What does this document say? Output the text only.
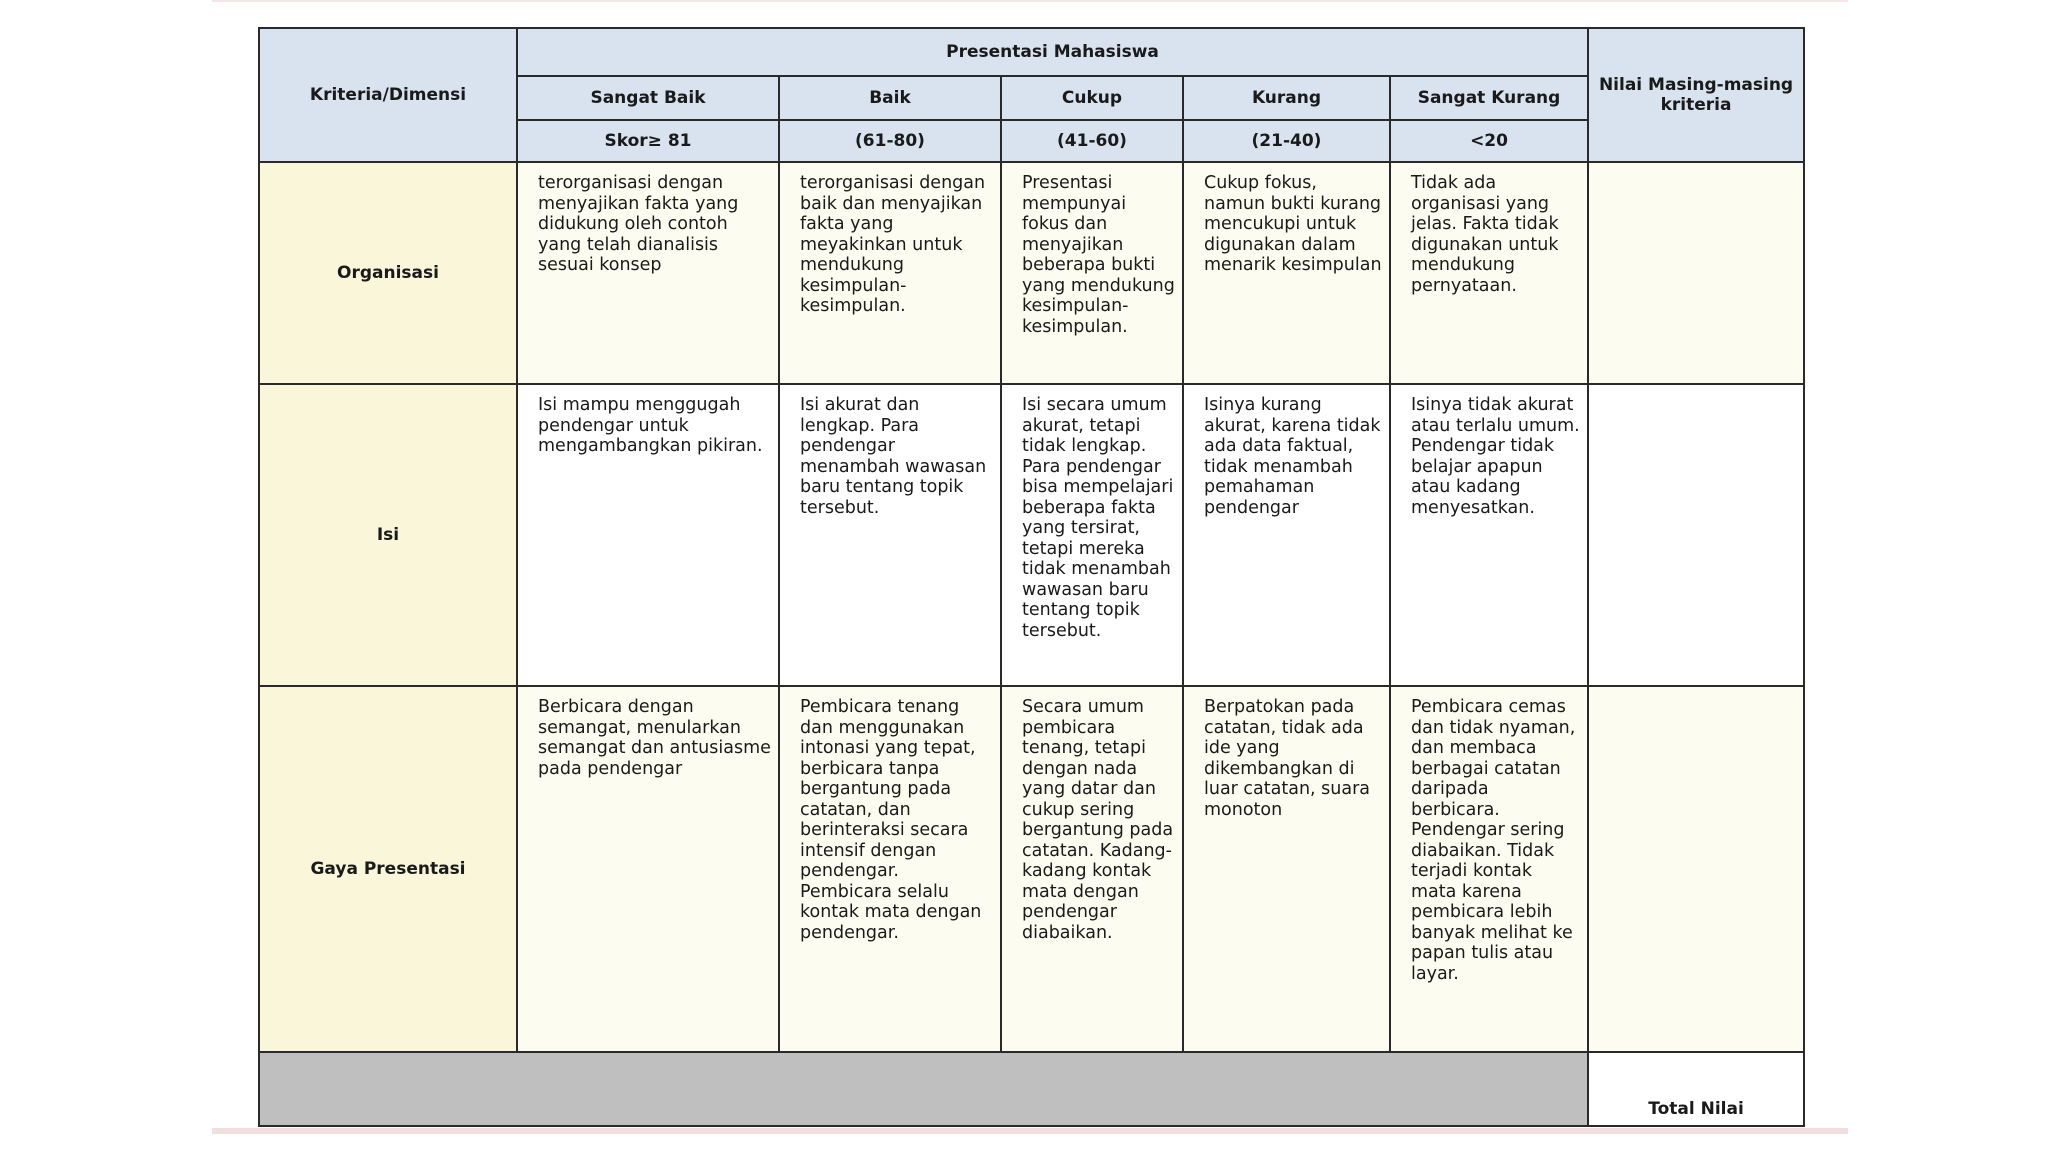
Kriteria/Dimensi	Presentasi Mahasiswa					Nilai Masing-masing kriteria
	Sangat Baik	Baik	Cukup	Kurang	Sangat Kurang	
	Skor≥ 81	(61-80)	(41-60)	(21-40)	<20	
Organisasi	terorganisasi dengan menyajikan fakta yang didukung oleh contoh yang telah dianalisis sesuai konsep	terorganisasi dengan baik dan menyajikan fakta yang meyakinkan untuk mendukung kesimpulan-kesimpulan.	Presentasi mempunyai fokus dan menyajikan beberapa bukti yang mendukung kesimpulan-kesimpulan.	Cukup fokus, namun bukti kurang mencukupi untuk digunakan dalam menarik kesimpulan	Tidak ada organisasi yang jelas. Fakta tidak digunakan untuk mendukung pernyataan.	
Isi	Isi mampu menggugah pendengar untuk mengambangkan pikiran.	Isi akurat dan lengkap. Para pendengar menambah wawasan baru tentang topik tersebut.	Isi secara umum akurat, tetapi tidak lengkap. Para pendengar bisa mempelajari beberapa fakta yang tersirat, tetapi mereka tidak menambah wawasan baru tentang topik tersebut.	Isinya kurang akurat, karena tidak ada data faktual, tidak menambah pemahaman pendengar	Isinya tidak akurat atau terlalu umum. Pendengar tidak belajar apapun atau kadang menyesatkan.	
Gaya Presentasi	Berbicara dengan semangat, menularkan semangat dan antusiasme pada pendengar	Pembicara tenang dan menggunakan intonasi yang tepat, berbicara tanpa bergantung pada catatan, dan berinteraksi secara intensif dengan pendengar. Pembicara selalu kontak mata dengan pendengar.	Secara umum pembicara tenang, tetapi dengan nada yang datar dan cukup sering bergantung pada catatan. Kadang-kadang kontak mata dengan pendengar diabaikan.	Berpatokan pada catatan, tidak ada ide yang dikembangkan di luar catatan, suara monoton	Pembicara cemas dan tidak nyaman, dan membaca berbagai catatan daripada berbicara. Pendengar sering diabaikan. Tidak terjadi kontak mata karena pembicara lebih banyak melihat ke papan tulis atau layar.	
						Total Nilai
